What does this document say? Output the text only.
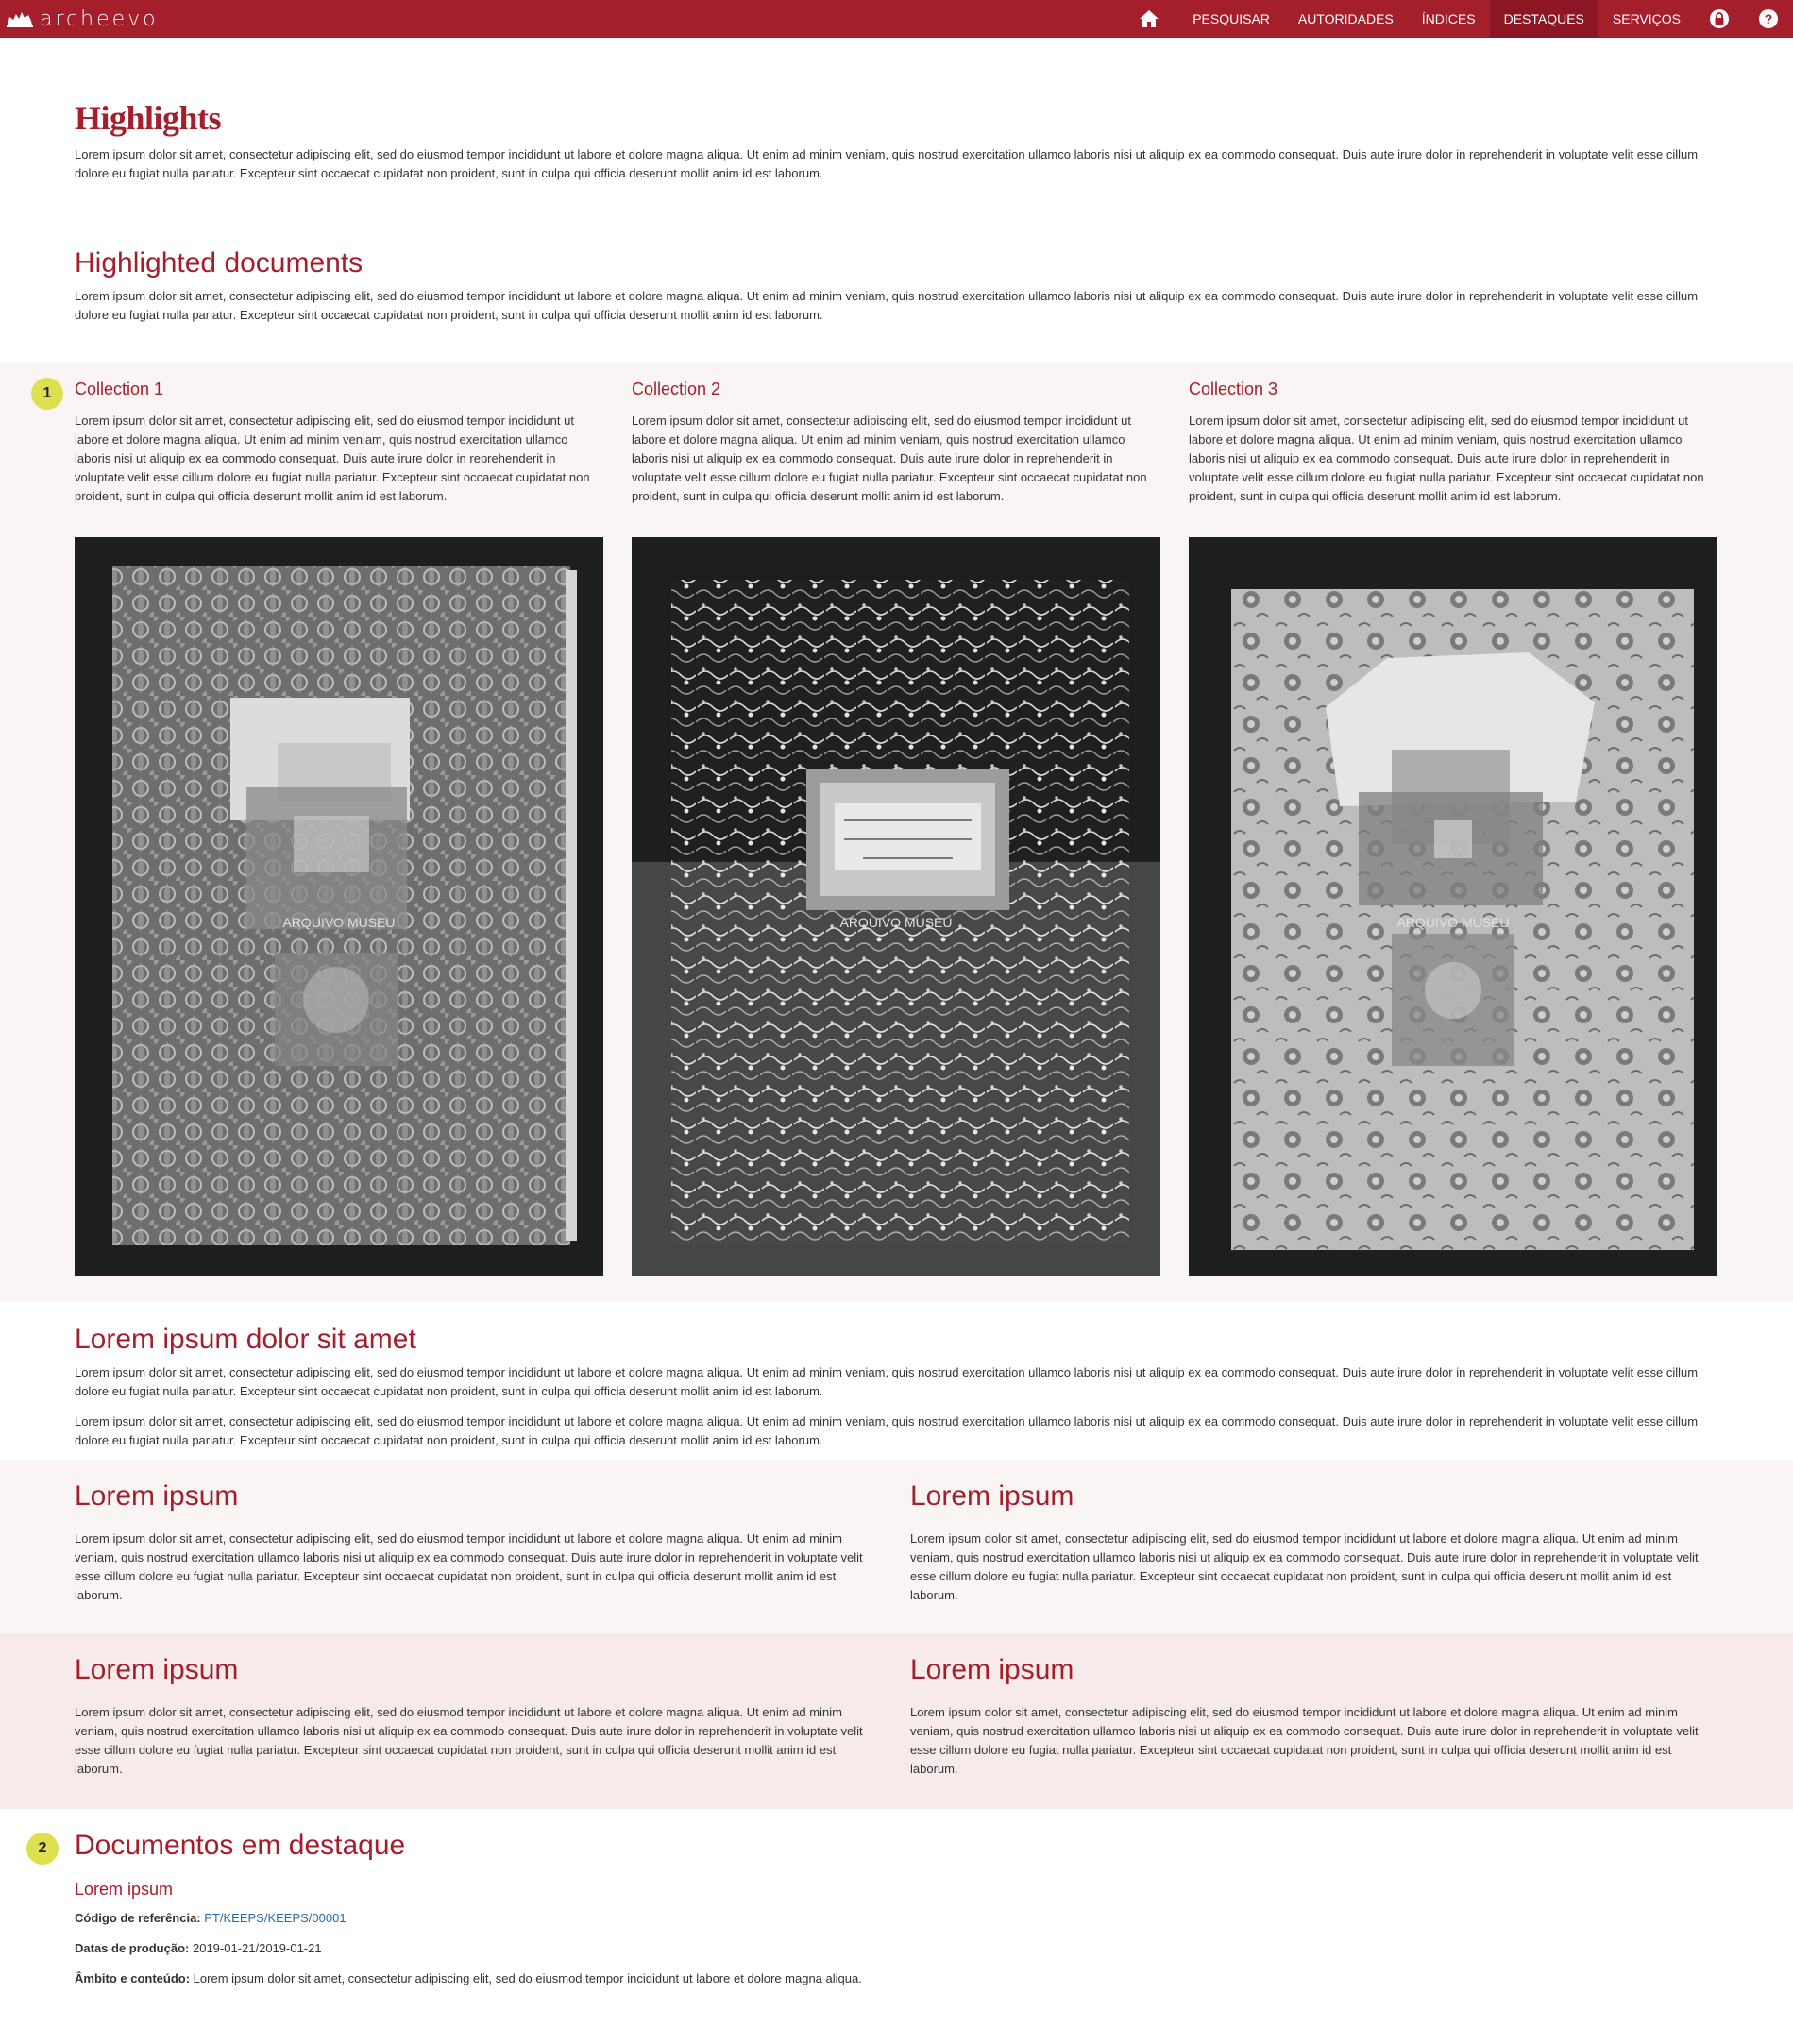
archeevo	PESQUISAR	AUTORIDADES	ÍNDICES	DESTAQUES	SERVIÇOS	?
Highlights
Lorem ipsum dolor sit amet, consectetur adipiscing elit, sed do eiusmod tempor incididunt ut labore et dolore magna aliqua. Ut enim ad minim veniam, quis nostrud exercitation ullamco laboris nisi ut aliquip ex ea commodo consequat. Duis aute irure dolor in reprehenderit in voluptate velit esse cillum dolore eu fugiat nulla pariatur. Excepteur sint occaecat cupidatat non proident, sunt in culpa qui officia deserunt mollit anim id est laborum.
Highlighted documents
Lorem ipsum dolor sit amet, consectetur adipiscing elit, sed do eiusmod tempor incididunt ut labore et dolore magna aliqua. Ut enim ad minim veniam, quis nostrud exercitation ullamco laboris nisi ut aliquip ex ea commodo consequat. Duis aute irure dolor in reprehenderit in voluptate velit esse cillum dolore eu fugiat nulla pariatur. Excepteur sint occaecat cupidatat non proident, sunt in culpa qui officia deserunt mollit anim id est laborum.
1	Collection 1
Lorem ipsum dolor sit amet, consectetur adipiscing elit, sed do eiusmod tempor incididunt ut labore et dolore magna aliqua. Ut enim ad minim veniam, quis nostrud exercitation ullamco laboris nisi ut aliquip ex ea commodo consequat. Duis aute irure dolor in reprehenderit in voluptate velit esse cillum dolore eu fugiat nulla pariatur. Excepteur sint occaecat cupidatat non proident, sunt in culpa qui officia deserunt mollit anim id est laborum.
ARQUIVO MUSEU
Collection 2
Lorem ipsum dolor sit amet, consectetur adipiscing elit, sed do eiusmod tempor incididunt ut labore et dolore magna aliqua. Ut enim ad minim veniam, quis nostrud exercitation ullamco laboris nisi ut aliquip ex ea commodo consequat. Duis aute irure dolor in reprehenderit in voluptate velit esse cillum dolore eu fugiat nulla pariatur. Excepteur sint occaecat cupidatat non proident, sunt in culpa qui officia deserunt mollit anim id est laborum.
ARQUIVO MUSEU
Collection 3
Lorem ipsum dolor sit amet, consectetur adipiscing elit, sed do eiusmod tempor incididunt ut labore et dolore magna aliqua. Ut enim ad minim veniam, quis nostrud exercitation ullamco laboris nisi ut aliquip ex ea commodo consequat. Duis aute irure dolor in reprehenderit in voluptate velit esse cillum dolore eu fugiat nulla pariatur. Excepteur sint occaecat cupidatat non proident, sunt in culpa qui officia deserunt mollit anim id est laborum.
ARQUIVO MUSEU
Lorem ipsum dolor sit amet
Lorem ipsum dolor sit amet, consectetur adipiscing elit, sed do eiusmod tempor incididunt ut labore et dolore magna aliqua. Ut enim ad minim veniam, quis nostrud exercitation ullamco laboris nisi ut aliquip ex ea commodo consequat. Duis aute irure dolor in reprehenderit in voluptate velit esse cillum dolore eu fugiat nulla pariatur. Excepteur sint occaecat cupidatat non proident, sunt in culpa qui officia deserunt mollit anim id est laborum.
Lorem ipsum dolor sit amet, consectetur adipiscing elit, sed do eiusmod tempor incididunt ut labore et dolore magna aliqua. Ut enim ad minim veniam, quis nostrud exercitation ullamco laboris nisi ut aliquip ex ea commodo consequat. Duis aute irure dolor in reprehenderit in voluptate velit esse cillum dolore eu fugiat nulla pariatur. Excepteur sint occaecat cupidatat non proident, sunt in culpa qui officia deserunt mollit anim id est laborum.
Lorem ipsum
Lorem ipsum dolor sit amet, consectetur adipiscing elit, sed do eiusmod tempor incididunt ut labore et dolore magna aliqua. Ut enim ad minim veniam, quis nostrud exercitation ullamco laboris nisi ut aliquip ex ea commodo consequat. Duis aute irure dolor in reprehenderit in voluptate velit esse cillum dolore eu fugiat nulla pariatur. Excepteur sint occaecat cupidatat non proident, sunt in culpa qui officia deserunt mollit anim id est laborum.
Lorem ipsum
Lorem ipsum dolor sit amet, consectetur adipiscing elit, sed do eiusmod tempor incididunt ut labore et dolore magna aliqua. Ut enim ad minim veniam, quis nostrud exercitation ullamco laboris nisi ut aliquip ex ea commodo consequat. Duis aute irure dolor in reprehenderit in voluptate velit esse cillum dolore eu fugiat nulla pariatur. Excepteur sint occaecat cupidatat non proident, sunt in culpa qui officia deserunt mollit anim id est laborum.
Lorem ipsum
Lorem ipsum dolor sit amet, consectetur adipiscing elit, sed do eiusmod tempor incididunt ut labore et dolore magna aliqua. Ut enim ad minim veniam, quis nostrud exercitation ullamco laboris nisi ut aliquip ex ea commodo consequat. Duis aute irure dolor in reprehenderit in voluptate velit esse cillum dolore eu fugiat nulla pariatur. Excepteur sint occaecat cupidatat non proident, sunt in culpa qui officia deserunt mollit anim id est laborum.
Lorem ipsum
Lorem ipsum dolor sit amet, consectetur adipiscing elit, sed do eiusmod tempor incididunt ut labore et dolore magna aliqua. Ut enim ad minim veniam, quis nostrud exercitation ullamco laboris nisi ut aliquip ex ea commodo consequat. Duis aute irure dolor in reprehenderit in voluptate velit esse cillum dolore eu fugiat nulla pariatur. Excepteur sint occaecat cupidatat non proident, sunt in culpa qui officia deserunt mollit anim id est laborum.
2 Documentos em destaque
Lorem ipsum
Código de referência: PT/KEEPS/KEEPS/00001
Datas de produção: 2019-01-21/2019-01-21
Âmbito e conteúdo: Lorem ipsum dolor sit amet, consectetur adipiscing elit, sed do eiusmod tempor incididunt ut labore et dolore magna aliqua.
